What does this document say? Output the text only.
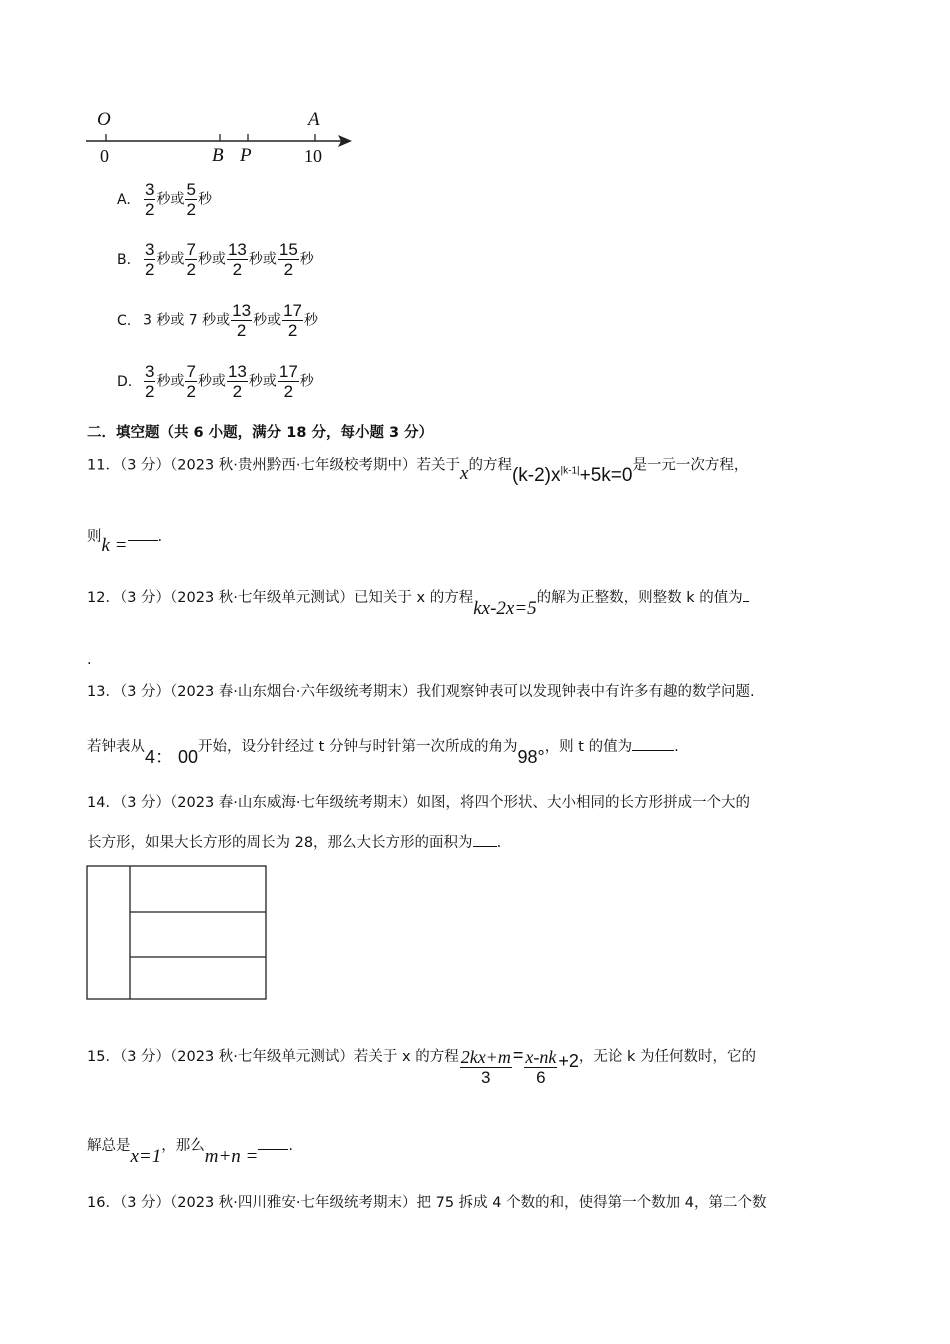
O	A
0	B P	10
A. $\frac{3}{2}$ 秒或 $\frac{5}{2}$ 秒
B. $\frac{3}{2}$ 秒或 $\frac{7}{2}$ 秒或 $\frac{13}{2}$ 秒或 $\frac{15}{2}$ 秒
C. 3 秒或 7 秒或 $\frac{13}{2}$ 秒或 $\frac{17}{2}$ 秒
D. $\frac{3}{2}$ 秒或 $\frac{7}{2}$ 秒或 $\frac{13}{2}$ 秒或 $\frac{17}{2}$ 秒
二．填空题（共 6 小题，满分 18 分，每小题 3 分）
11．（3 分）（2023 秋·贵州黔西·七年级校考期中）若关于x的方程$(k-2)x^{|k-1|}+5k=0$是一元一次方程，
则k = .
12．（3 分）（2023 秋·七年级单元测试）已知关于 x 的方程kx-2x=5的解为正整数，则整数 k 的值为
.
13．（3 分）（2023 春·山东烟台·六年级统考期末）我们观察钟表可以发现钟表中有许多有趣的数学问题.
若钟表从4： 00开始，设分针经过 t 分钟与时针第一次所成的角为98°，则 t 的值为	.
14．（3 分）（2023 春·山东威海·七年级统考期末）如图，将四个形状、大小相同的长方形拼成一个大的
长方形，如果大长方形的周长为 28，那么大长方形的面积为 .
15．（3 分）（2023 秋·七年级单元测试）若关于 x 的方程 $\frac{2kx+m}{3} = \frac{x-nk}{6} +2$，无论 k 为任何数时，它的
解总是x=1，那么m+n = .
16．（3 分）（2023 秋·四川雅安·七年级统考期末）把 75 拆成 4 个数的和，使得第一个数加 4，第二个数
